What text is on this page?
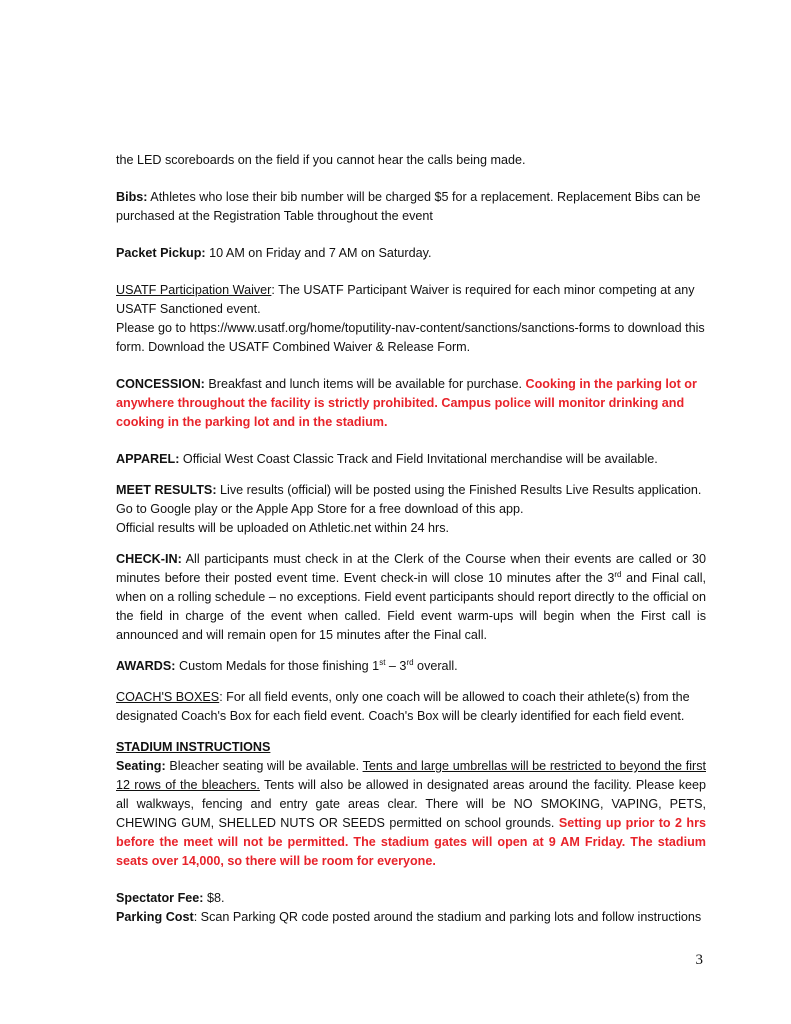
the LED scoreboards on the field if you cannot hear the calls being made.

Bibs: Athletes who lose their bib number will be charged $5 for a replacement. Replacement Bibs can be purchased at the Registration Table throughout the event

Packet Pickup: 10 AM on Friday and 7 AM on Saturday.

USATF Participation Waiver: The USATF Participant Waiver is required for each minor competing at any USATF Sanctioned event.

Please go to https://www.usatf.org/home/toputility-nav-content/sanctions/sanctions-forms to download this form. Download the USATF Combined Waiver & Release Form.

CONCESSION: Breakfast and lunch items will be available for purchase. Cooking in the parking lot or anywhere throughout the facility is strictly prohibited. Campus police will monitor drinking and cooking in the parking lot and in the stadium.

APPAREL: Official West Coast Classic Track and Field Invitational merchandise will be available.

MEET RESULTS: Live results (official) will be posted using the Finished Results Live Results application. Go to Google play or the Apple App Store for a free download of this app.

Official results will be uploaded on Athletic.net within 24 hrs.

CHECK-IN: All participants must check in at the Clerk of the Course when their events are called or 30 minutes before their posted event time. Event check-in will close 10 minutes after the 3rd and Final call, when on a rolling schedule – no exceptions. Field event participants should report directly to the official on the field in charge of the event when called. Field event warm-ups will begin when the First call is announced and will remain open for 15 minutes after the Final call.

AWARDS: Custom Medals for those finishing 1st – 3rd overall.

COACH'S BOXES: For all field events, only one coach will be allowed to coach their athlete(s) from the designated Coach's Box for each field event. Coach's Box will be clearly identified for each field event.

STADIUM INSTRUCTIONS

Seating: Bleacher seating will be available. Tents and large umbrellas will be restricted to beyond the first 12 rows of the bleachers. Tents will also be allowed in designated areas around the facility. Please keep all walkways, fencing and entry gate areas clear. There will be NO SMOKING, VAPING, PETS, CHEWING GUM, SHELLED NUTS OR SEEDS permitted on school grounds. Setting up prior to 2 hrs before the meet will not be permitted. The stadium gates will open at 9 AM Friday. The stadium seats over 14,000, so there will be room for everyone.

Spectator Fee: $8.

Parking Cost: Scan Parking QR code posted around the stadium and parking lots and follow instructions

3
